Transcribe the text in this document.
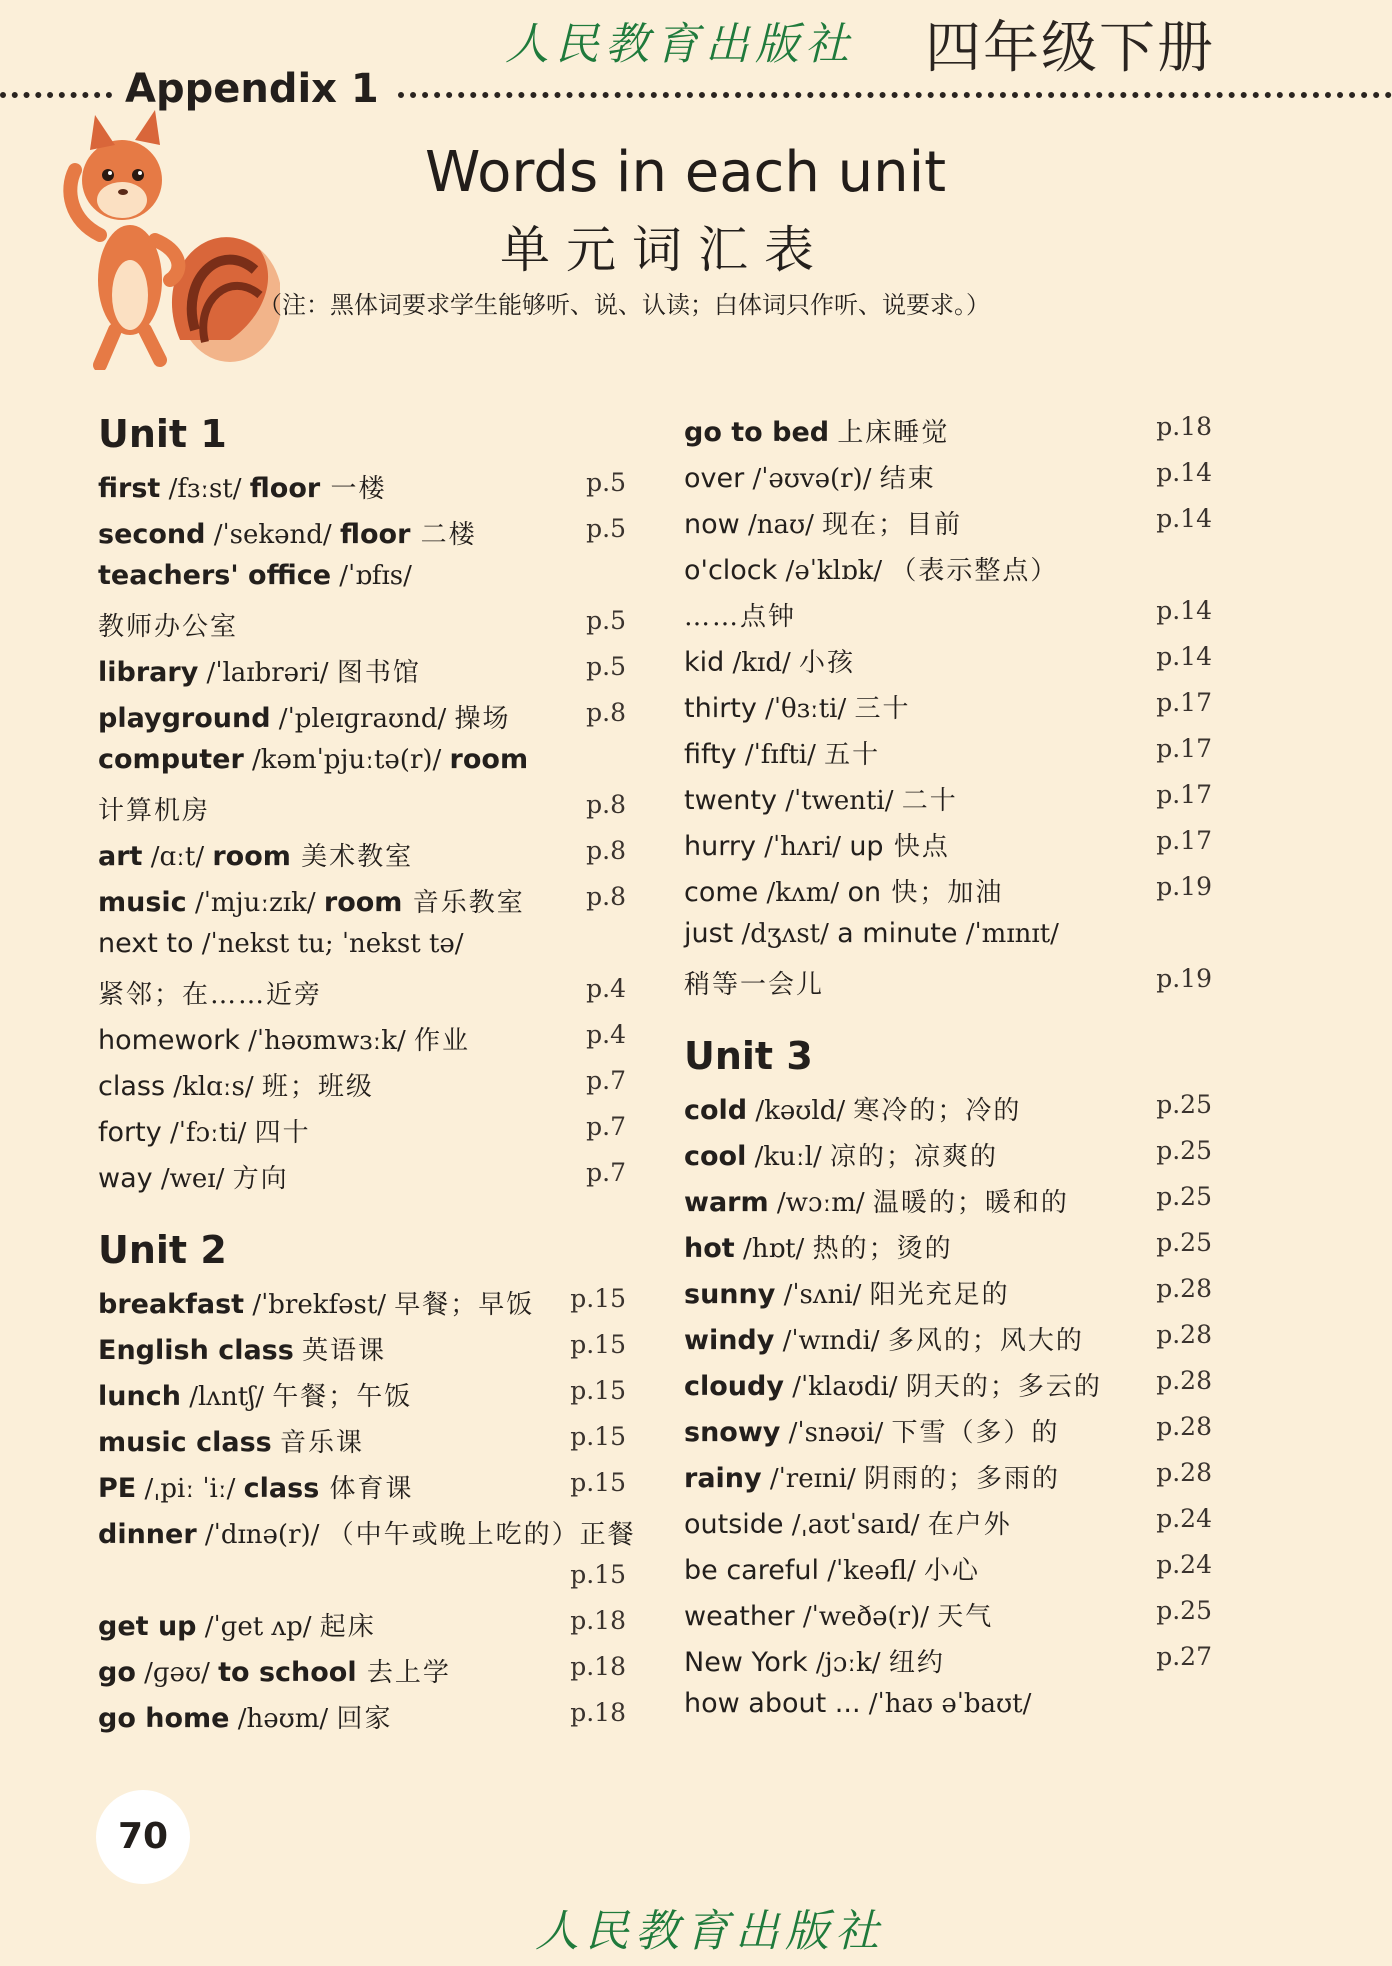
人民教育出版社 四年级下册
Appendix 1
Words in each unit
单元词汇表
（注：黑体词要求学生能够听、说、认读；白体词只作听、说要求。）
Unit 1
first /fɜːst/ floor 一楼	p.5
second /ˈsekənd/ floor 二楼	p.5
teachers' office /ˈɒfɪs/
教师办公室	p.5
library /ˈlaɪbrəri/ 图书馆	p.5
playground /ˈpleɪɡraʊnd/ 操场	p.8
computer /kəmˈpjuːtə(r)/ room
计算机房	p.8
art /ɑːt/ room 美术教室	p.8
music /ˈmjuːzɪk/ room 音乐教室 p.8
next to /ˈnekst tu; ˈnekst tə/
紧邻；在……近旁	p.4
homework /ˈhəʊmwɜːk/ 作业	p.4
class /klɑːs/ 班；班级	p.7
forty /ˈfɔːti/ 四十	p.7
way /weɪ/ 方向	p.7
Unit 2
breakfast /ˈbrekfəst/ 早餐；早饭 p.15
English class 英语课	p.15
lunch /lʌntʃ/ 午餐；午饭	p.15
music class 音乐课	p.15
PE /ˌpiː ˈiː/ class 体育课	p.15
dinner /ˈdɪnə(r)/ （中午或晚上吃的）正餐
p.15
get up /ˈɡet ʌp/ 起床	p.18
go /ɡəʊ/ to school 去上学	p.18
go home /həʊm/ 回家	p.18
go to bed 上床睡觉	p.18
over /ˈəʊvə(r)/ 结束	p.14
now /naʊ/ 现在；目前	p.14
o'clock /əˈklɒk/ （表示整点）
……点钟	p.14
kid /kɪd/ 小孩	p.14
thirty /ˈθɜːti/ 三十	p.17
fifty /ˈfɪfti/ 五十	p.17
twenty /ˈtwenti/ 二十	p.17
hurry /ˈhʌri/ up 快点	p.17
come /kʌm/ on 快；加油	p.19
just /dʒʌst/ a minute /ˈmɪnɪt/
稍等一会儿	p.19
Unit 3
cold /kəʊld/ 寒冷的；冷的	p.25
cool /kuːl/ 凉的；凉爽的	p.25
warm /wɔːm/ 温暖的；暖和的	p.25
hot /hɒt/ 热的；烫的	p.25
sunny /ˈsʌni/ 阳光充足的	p.28
windy /ˈwɪndi/ 多风的；风大的	p.28
cloudy /ˈklaʊdi/ 阴天的；多云的 p.28
snowy /ˈsnəʊi/ 下雪（多）的	p.28
rainy /ˈreɪni/ 阴雨的；多雨的	p.28
outside /ˌaʊtˈsaɪd/ 在户外	p.24
be careful /ˈkeəfl/ 小心	p.24
weather /ˈweðə(r)/ 天气	p.25
New York /jɔːk/ 纽约	p.27
how about ... /ˈhaʊ əˈbaʊt/
70
人民教育出版社
